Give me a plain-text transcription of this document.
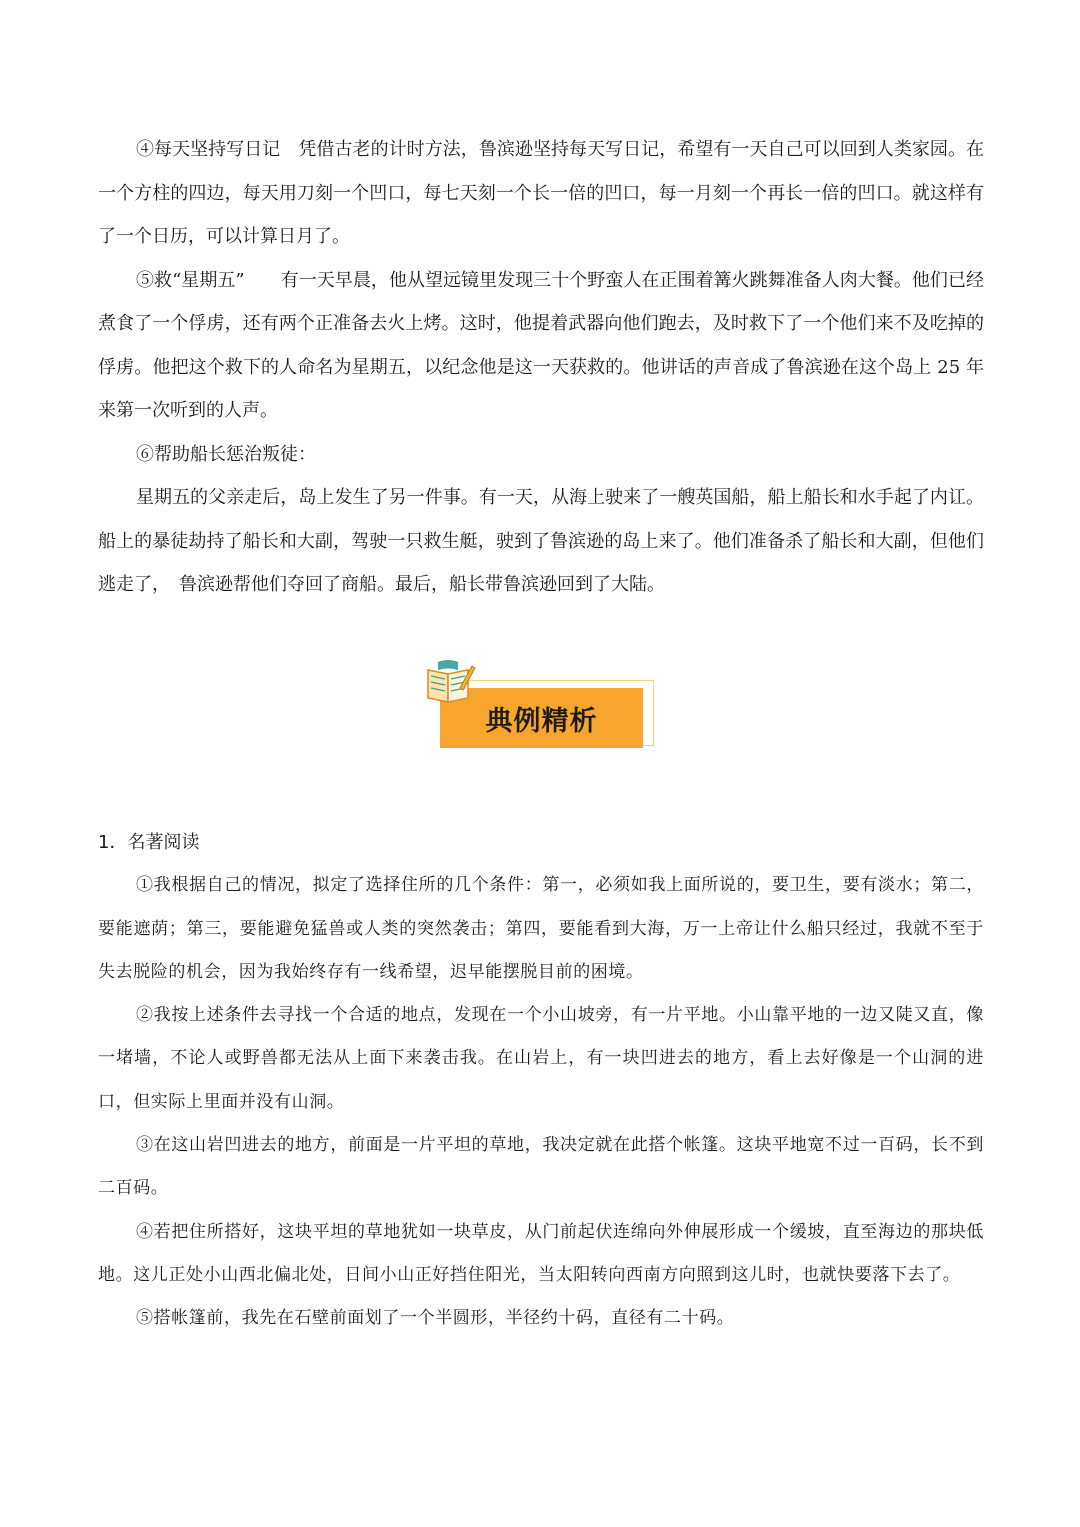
④每天坚持写日记　凭借古老的计时方法，鲁滨逊坚持每天写日记，希望有一天自己可以回到人类家园。在一个方柱的四边，每天用刀刻一个凹口，每七天刻一个长一倍的凹口，每一月刻一个再长一倍的凹口。就这样有了一个日历，可以计算日月了。

⑤救“星期五”　　有一天早晨，他从望远镜里发现三十个野蛮人在正围着篝火跳舞准备人肉大餐。他们已经煮食了一个俘虏，还有两个正准备去火上烤。这时，他提着武器向他们跑去，及时救下了一个他们来不及吃掉的俘虏。他把这个救下的人命名为星期五，以纪念他是这一天获救的。他讲话的声音成了鲁滨逊在这个岛上 25 年来第一次听到的人声。

⑥帮助船长惩治叛徒：

星期五的父亲走后，岛上发生了另一件事。有一天，从海上驶来了一艘英国船，船上船长和水手起了内讧。船上的暴徒劫持了船长和大副，驾驶一只救生艇，驶到了鲁滨逊的岛上来了。他们准备杀了船长和大副，但他们逃走了，　鲁滨逊帮他们夺回了商船。最后，船长带鲁滨逊回到了大陆。

典例精析

1．名著阅读

①我根据自己的情况，拟定了选择住所的几个条件：第一，必须如我上面所说的，要卫生，要有淡水；第二，要能遮荫；第三，要能避免猛兽或人类的突然袭击；第四，要能看到大海，万一上帝让什么船只经过，我就不至于失去脱险的机会，因为我始终存有一线希望，迟早能摆脱目前的困境。

②我按上述条件去寻找一个合适的地点，发现在一个小山坡旁，有一片平地。小山靠平地的一边又陡又直，像一堵墙，不论人或野兽都无法从上面下来袭击我。在山岩上，有一块凹进去的地方，看上去好像是一个山洞的进口，但实际上里面并没有山洞。

③在这山岩凹进去的地方，前面是一片平坦的草地，我决定就在此搭个帐篷。这块平地宽不过一百码，长不到二百码。

④若把住所搭好，这块平坦的草地犹如一块草皮，从门前起伏连绵向外伸展形成一个缓坡，直至海边的那块低地。这儿正处小山西北偏北处，日间小山正好挡住阳光，当太阳转向西南方向照到这儿时，也就快要落下去了。

⑤搭帐篷前，我先在石壁前面划了一个半圆形，半径约十码，直径有二十码。
